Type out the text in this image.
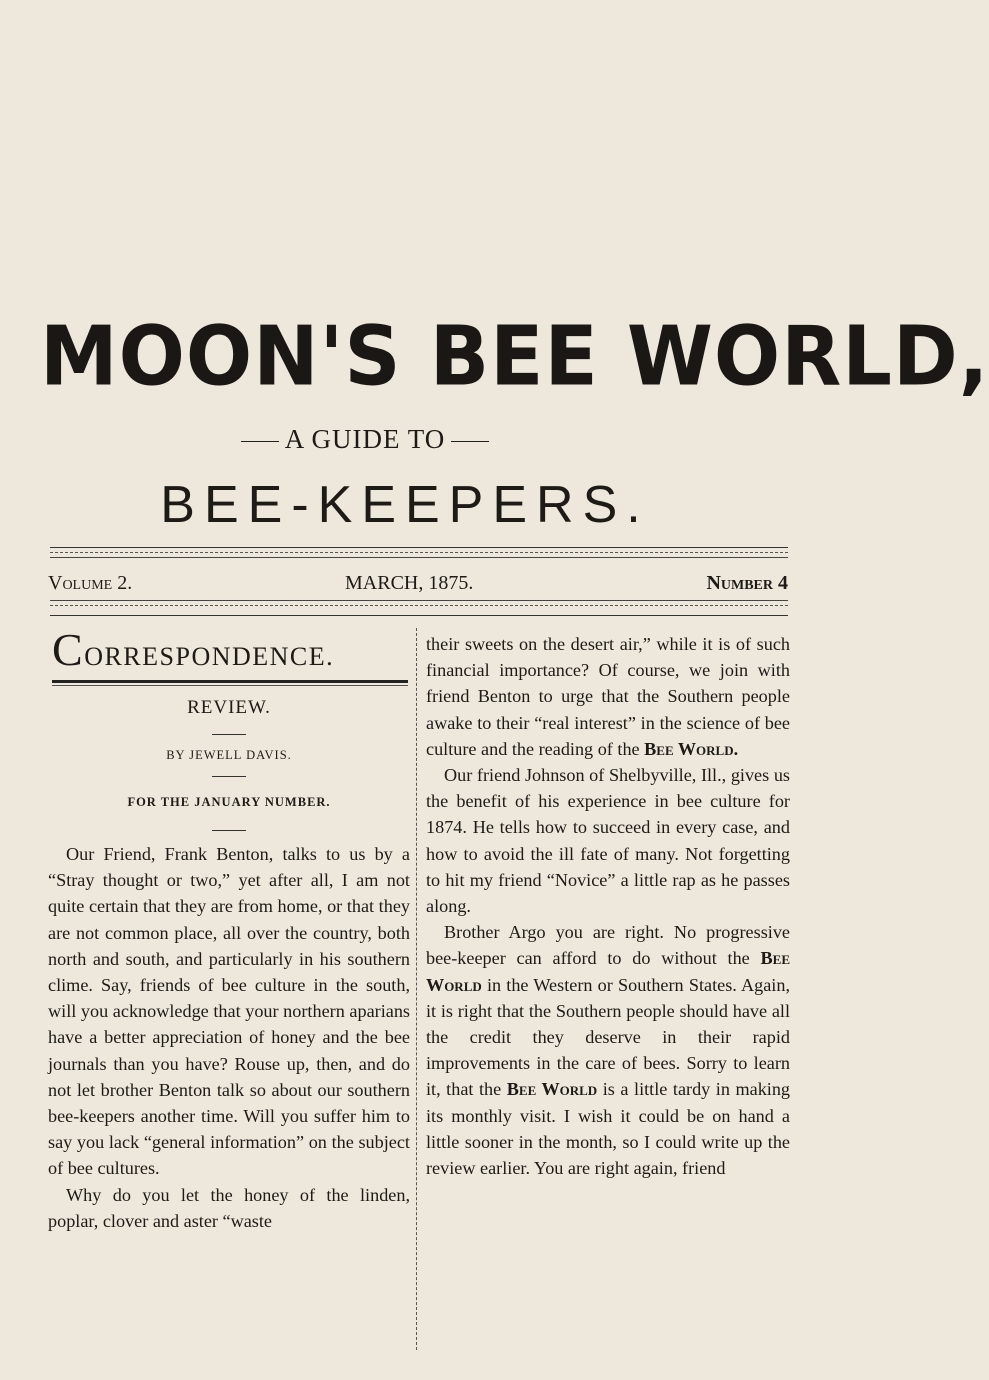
MOON'S BEE WORLD,
A GUIDE TO
BEE-KEEPERS.
Volume 2.	MARCH, 1875.	Number 4
CORRESPONDENCE.
REVIEW.
BY JEWELL DAVIS.
FOR THE JANUARY NUMBER.

Our Friend, Frank Benton, talks to us by a “Stray thought or two,” yet after all, I am not quite certain that they are from home, or that they are not common place, all over the country, both north and south, and particularly in his southern clime. Say, friends of bee culture in the south, will you acknowledge that your northern aparians have a better appreciation of honey and the bee journals than you have? Rouse up, then, and do not let brother Benton talk so about our southern bee-keepers another time. Will you suffer him to say you lack “general information” on the subject of bee cultures.

Why do you let the honey of the linden, poplar, clover and aster “waste

their sweets on the desert air,” while it is of such financial importance? Of course, we join with friend Benton to urge that the Southern people awake to their “real interest” in the science of bee culture and the reading of the Bee World.

Our friend Johnson of Shelbyville, Ill., gives us the benefit of his experience in bee culture for 1874. He tells how to succeed in every case, and how to avoid the ill fate of many. Not forgetting to hit my friend “Novice” a little rap as he passes along.

Brother Argo you are right. No progressive bee-keeper can afford to do without the Bee World in the Western or Southern States. Again, it is right that the Southern people should have all the credit they deserve in their rapid improvements in the care of bees. Sorry to learn it, that the Bee World is a little tardy in making its monthly visit. I wish it could be on hand a little sooner in the month, so I could write up the review earlier. You are right again, friend
